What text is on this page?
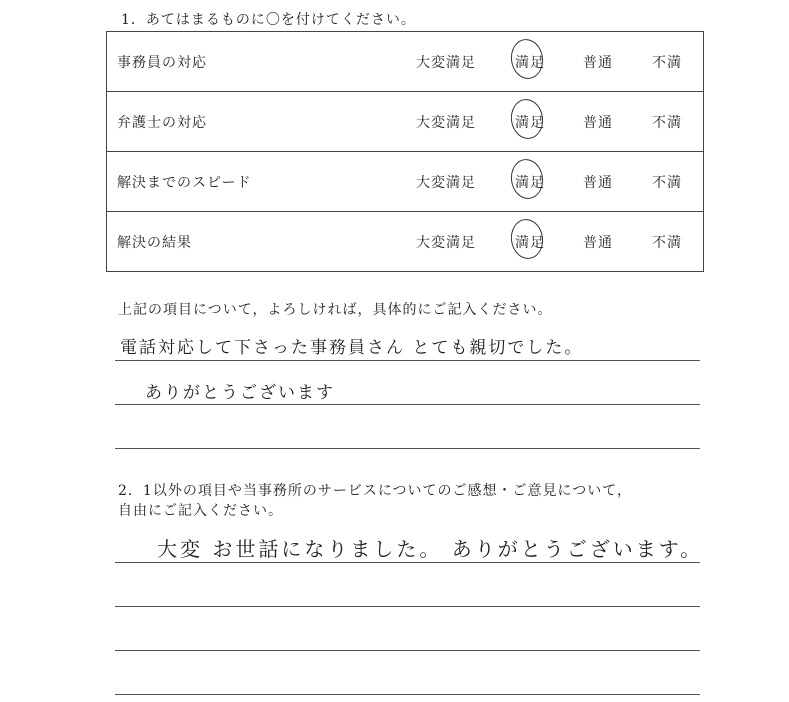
1．あてはまるものに〇を付けてください。
事務員の対応	大変満足	満足	普通	不満
弁護士の対応	大変満足	満足	普通	不満
解決までのスピード	大変満足	満足	普通	不満
解決の結果	大変満足	満足	普通	不満
上記の項目について，よろしければ，具体的にご記入ください。
電話対応して下さった事務員さん とても親切でした。
ありがとうございます
2．1以外の項目や当事務所のサービスについてのご感想・ご意見について，
自由にご記入ください。
大変 お世話になりました。 ありがとうございます。
